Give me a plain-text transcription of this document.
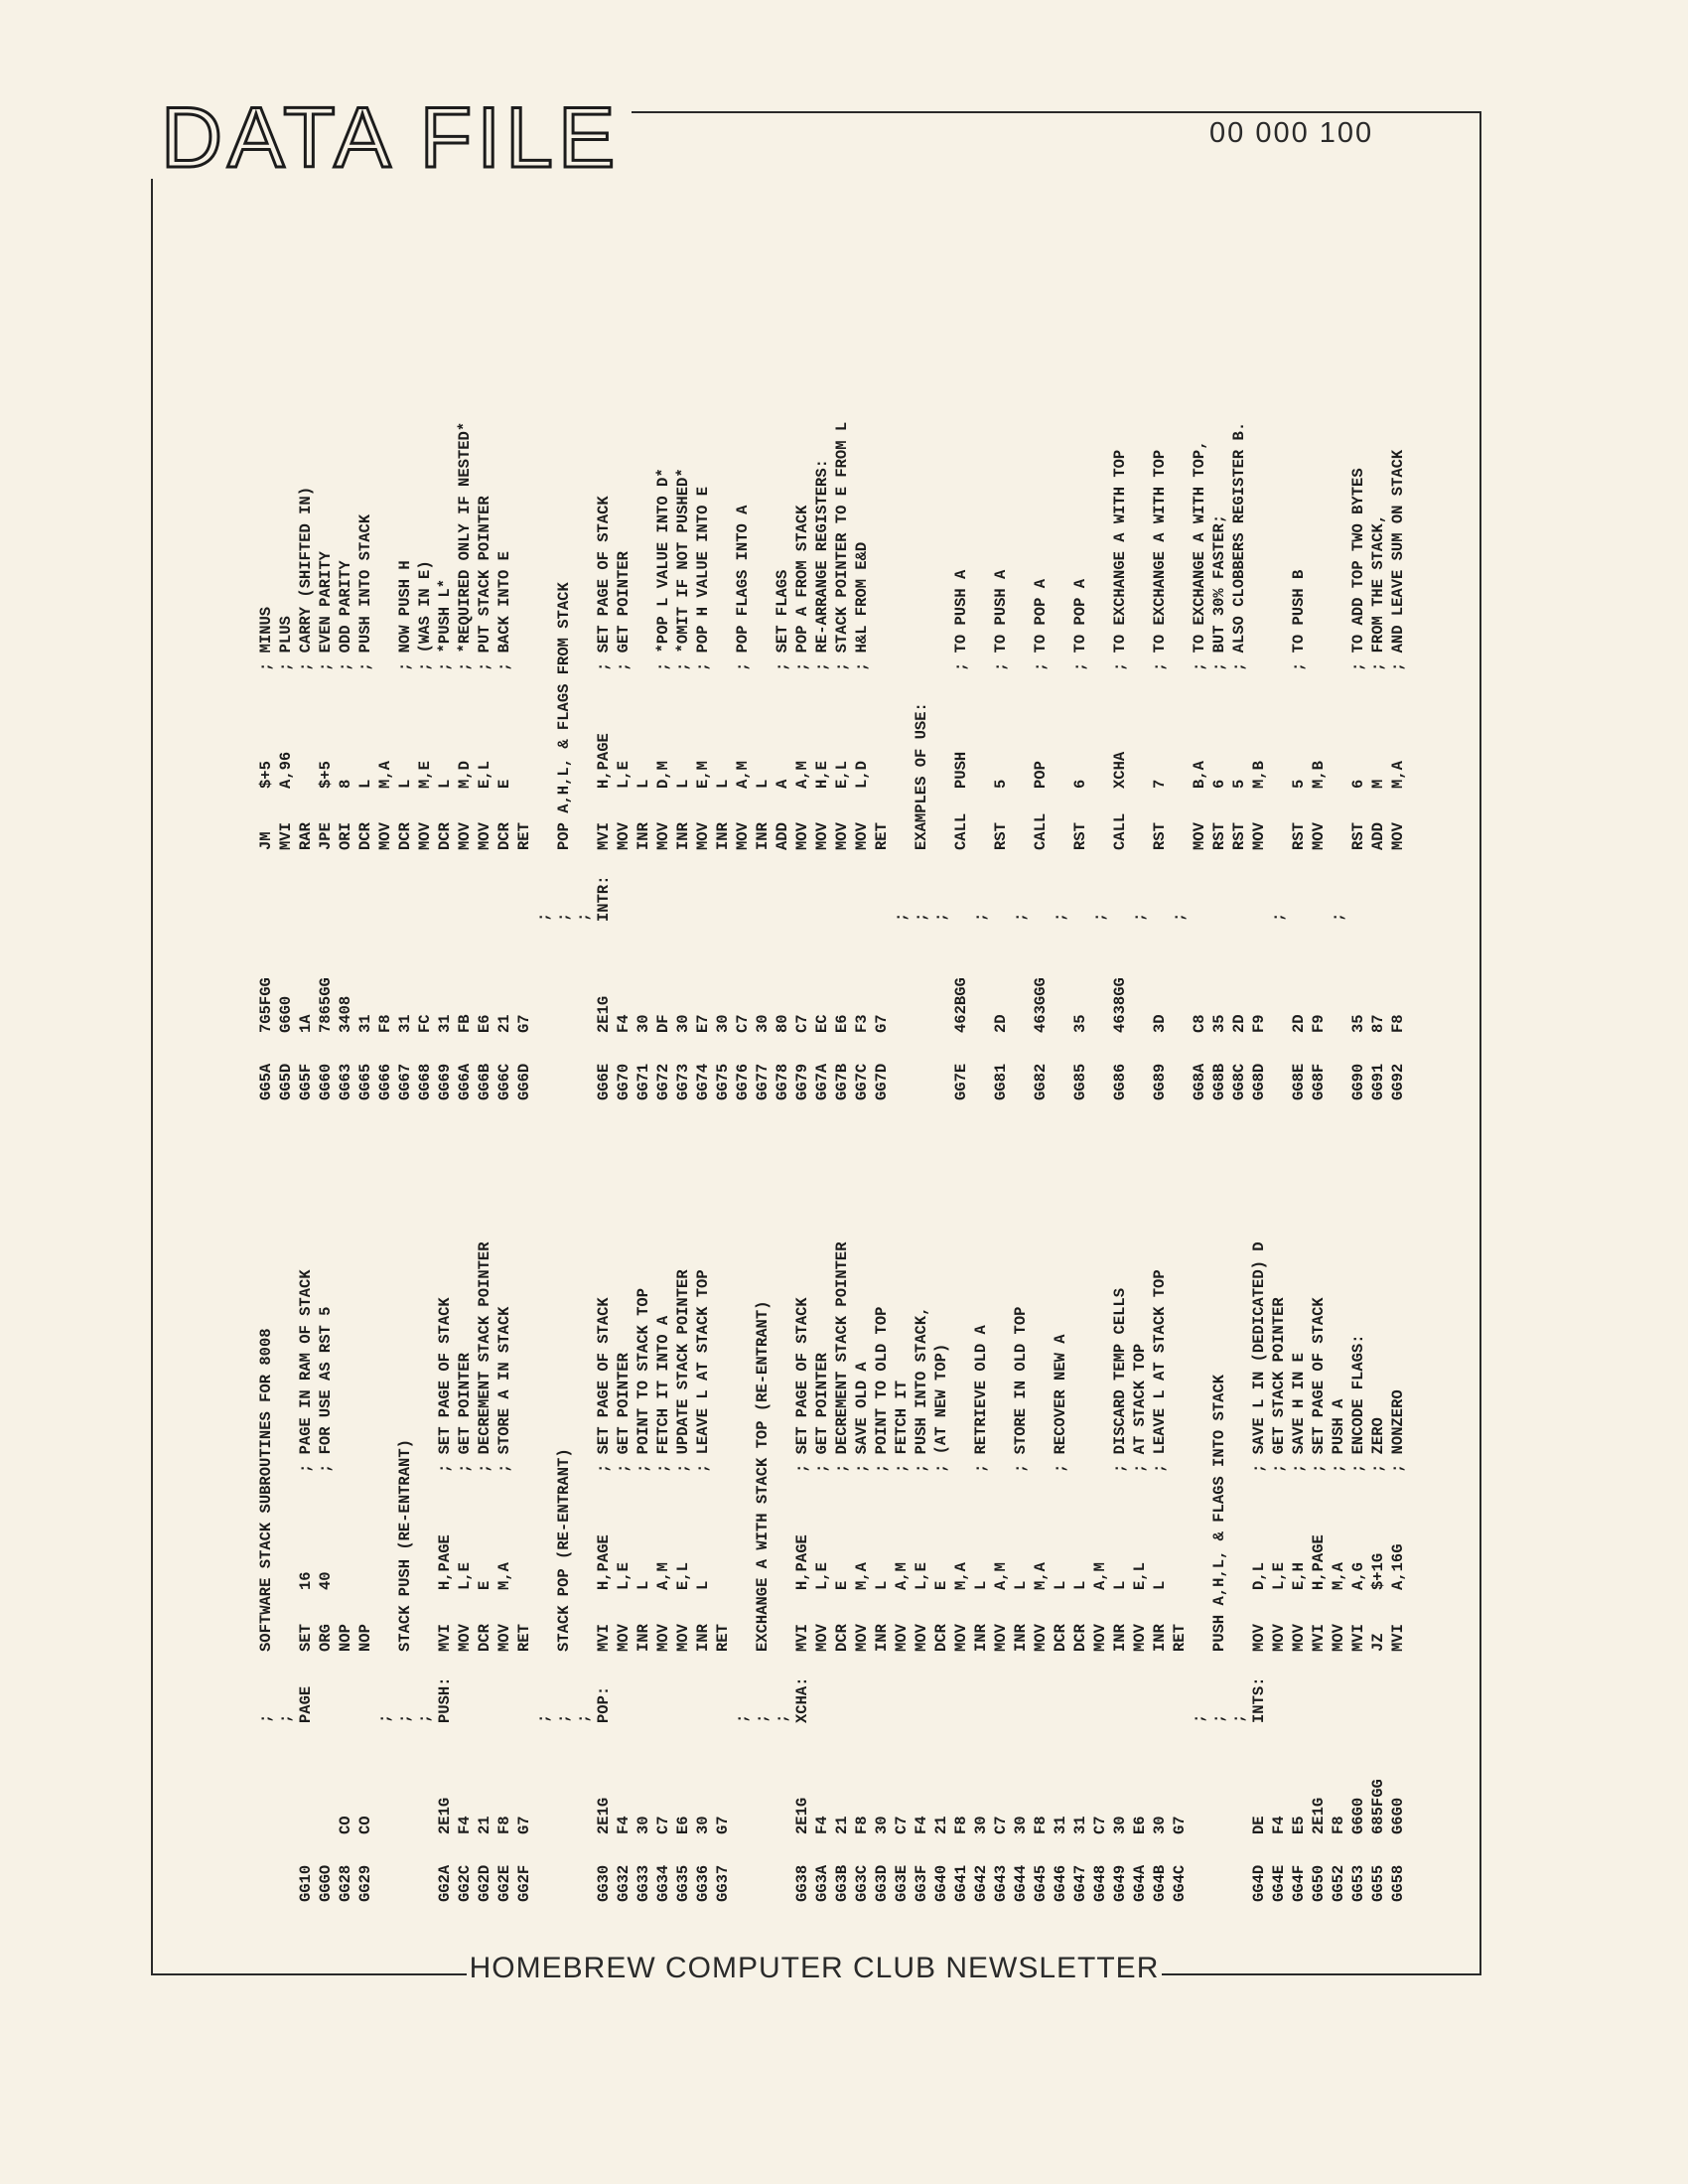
DATA FILE	00 000 100
GG5A
7G5FGG
JM
$+5
; MINUS
GG5D
G6G0
MVI
A,96
; PLUS
GG5F
1A
RAR
; CARRY (SHIFTED IN)
GG60
7865GG
JPE
$+5
; EVEN PARITY
GG63
3408
ORI
8
; ODD PARITY
GG65
31
DCR
L
; PUSH INTO STACK
GG66
F8
MOV
M,A
GG67
31
DCR
L
; NOW PUSH H
GG68
FC
MOV
M,E
; (WAS IN E)
GG69
31
DCR
L
; *PUSH L*
GG6A
FB
MOV
M,D
; *REQUIRED ONLY IF NESTED*
GG6B
E6
MOV
E,L
; PUT STACK POINTER
GG6C
21
DCR
E
; BACK INTO E
GG6D
G7
RET
; ;
POP A,H,L, & FLAGS FROM STACK
;
GG6E
2E1G
INTR:
MVI
H,PAGE
; SET PAGE OF STACK
GG70
F4
MOV
L,E
; GET POINTER
GG71
30
INR
L
GG72
DF
MOV
D,M
; *POP L VALUE INTO D*
GG73
30
INR
L
; *OMIT IF NOT PUSHED*
GG74
E7
MOV
E,M
; POP H VALUE INTO E
GG75
30
INR
L
GG76
C7
MOV
A,M
; POP FLAGS INTO A
GG77
30
INR
L
GG78
80
ADD
A
; SET FLAGS
GG79
C7
MOV
A,M
; POP A FROM STACK
GG7A
EC
MOV
H,E
; RE-ARRANGE REGISTERS:
GG7B
E6
MOV
E,L
; STACK POINTER TO E FROM L
GG7C
F3
MOV
L,D
; H&L FROM E&D
GG7D
G7
RET
; ;
EXAMPLES OF USE:
;
GG7E
462BGG
CALL
PUSH
; TO PUSH A
;
GG81
2D
RST
5
; TO PUSH A
;
GG82
463GGG
CALL
POP
; TO POP A
;
GG85
35
RST
6
; TO POP A
;
GG86
4638GG
CALL
XCHA
; TO EXCHANGE A WITH TOP
;
GG89
3D
RST
7
; TO EXCHANGE A WITH TOP
;
GG8A
C8
MOV
B,A
; TO EXCHANGE A WITH TOP,
GG8B
35
RST
6
; BUT 30% FASTER;
GG8C
2D
RST
5
; ALSO CLOBBERS REGISTER B.
GG8D
F9
MOV
M,B
;
GG8E
2D
RST
5
; TO PUSH B
GG8F
F9
MOV
M,B
;
GG90
35
RST
6
; TO ADD TOP TWO BYTES
GG91
87
ADD
M
; FROM THE STACK,
GG92
F8
MOV
M,A
; AND LEAVE SUM ON STACK
;
SOFTWARE STACK SUBROUTINES FOR 8008
;
GG10
PAGE
SET
16
; PAGE IN RAM OF STACK
GGGO
ORG
40
; FOR USE AS RST 5
GG28
CO
NOP
GG29
CO
NOP
; ;
STACK PUSH (RE-ENTRANT)
;
GG2A
2E1G
PUSH:
MVI
H,PAGE
; SET PAGE OF STACK
GG2C
F4
MOV
L,E
; GET POINTER
GG2D
21
DCR
E
; DECREMENT STACK POINTER
GG2E
F8
MOV
M,A
; STORE A IN STACK
GG2F
G7
RET
; ;
STACK POP (RE-ENTRANT)
;
GG30
2E1G
POP:
MVI
H,PAGE
; SET PAGE OF STACK
GG32
F4
MOV
L,E
; GET POINTER
GG33
30
INR
L
; POINT TO STACK TOP
GG34
C7
MOV
A,M
; FETCH IT INTO A
GG35
E6
MOV
E,L
; UPDATE STACK POINTER
GG36
30
INR
L
; LEAVE L AT STACK TOP
GG37
G7
RET
; ;
EXCHANGE A WITH STACK TOP (RE-ENTRANT)
;
GG38
2E1G
XCHA:
MVI
H,PAGE
; SET PAGE OF STACK
GG3A
F4
MOV
L,E
; GET POINTER
GG3B
21
DCR
E
; DECREMENT STACK POINTER
GG3C
F8
MOV
M,A
; SAVE OLD A
GG3D
30
INR
L
; POINT TO OLD TOP
GG3E
C7
MOV
A,M
; FETCH IT
GG3F
F4
MOV
L,E
; PUSH INTO STACK,
GG40
21
DCR
E
; (AT NEW TOP)
GG41
F8
MOV
M,A
GG42
30
INR
L
; RETRIEVE OLD A
GG43
C7
MOV
A,M
GG44
30
INR
L
; STORE IN OLD TOP
GG45
F8
MOV
M,A
GG46
31
DCR
L
; RECOVER NEW A
GG47
31
DCR
L
GG48
C7
MOV
A,M
GG49
30
INR
L
; DISCARD TEMP CELLS
GG4A
E6
MOV
E,L
; AT STACK TOP
GG4B
30
INR
L
; LEAVE L AT STACK TOP
GG4C
G7
RET
; ;
PUSH A,H,L, & FLAGS INTO STACK
;
GG4D
DE
INTS:
MOV
D,L
; SAVE L IN (DEDICATED) D
GG4E
F4
MOV
L,E
; GET STACK POINTER
GG4F
E5
MOV
E,H
; SAVE H IN E
GG50
2E1G
MVI
H,PAGE
; SET PAGE OF STACK
GG52
F8
MOV
M,A
; PUSH A
GG53
G6G0
MVI
A,G
; ENCODE FLAGS:
GG55
685FGG
JZ
$+1G
; ZERO
GG58
G6G0
MVI
A,16G
; NONZERO
HOMEBREW COMPUTER CLUB NEWSLETTER
